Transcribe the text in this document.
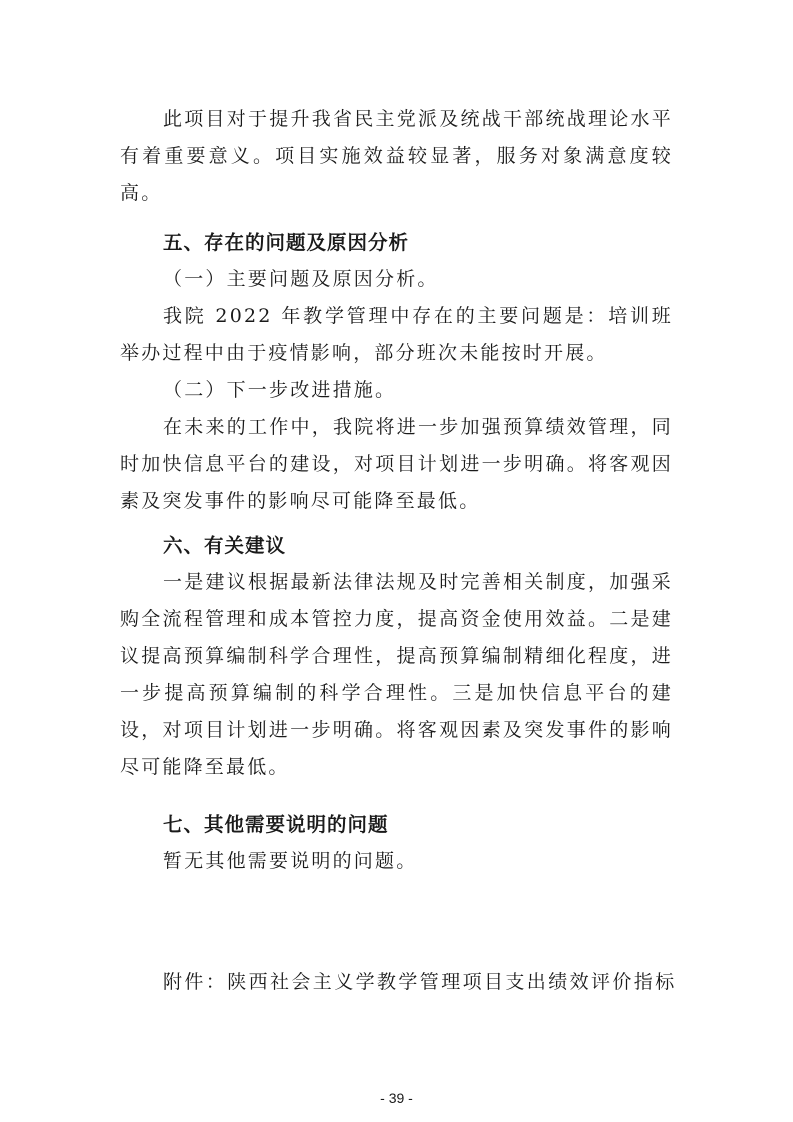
此项目对于提升我省民主党派及统战干部统战理论水平有着重要意义。项目实施效益较显著，服务对象满意度较高。
五、存在的问题及原因分析
（一）主要问题及原因分析。
我院 2022 年教学管理中存在的主要问题是：培训班举办过程中由于疫情影响，部分班次未能按时开展。
（二）下一步改进措施。
在未来的工作中，我院将进一步加强预算绩效管理，同时加快信息平台的建设，对项目计划进一步明确。将客观因素及突发事件的影响尽可能降至最低。
六、有关建议
一是建议根据最新法律法规及时完善相关制度，加强采购全流程管理和成本管控力度，提高资金使用效益。二是建议提高预算编制科学合理性，提高预算编制精细化程度，进一步提高预算编制的科学合理性。三是加快信息平台的建设，对项目计划进一步明确。将客观因素及突发事件的影响尽可能降至最低。
七、其他需要说明的问题
暂无其他需要说明的问题。
附件：陕西社会主义学教学管理项目支出绩效评价指标
- 39 -
